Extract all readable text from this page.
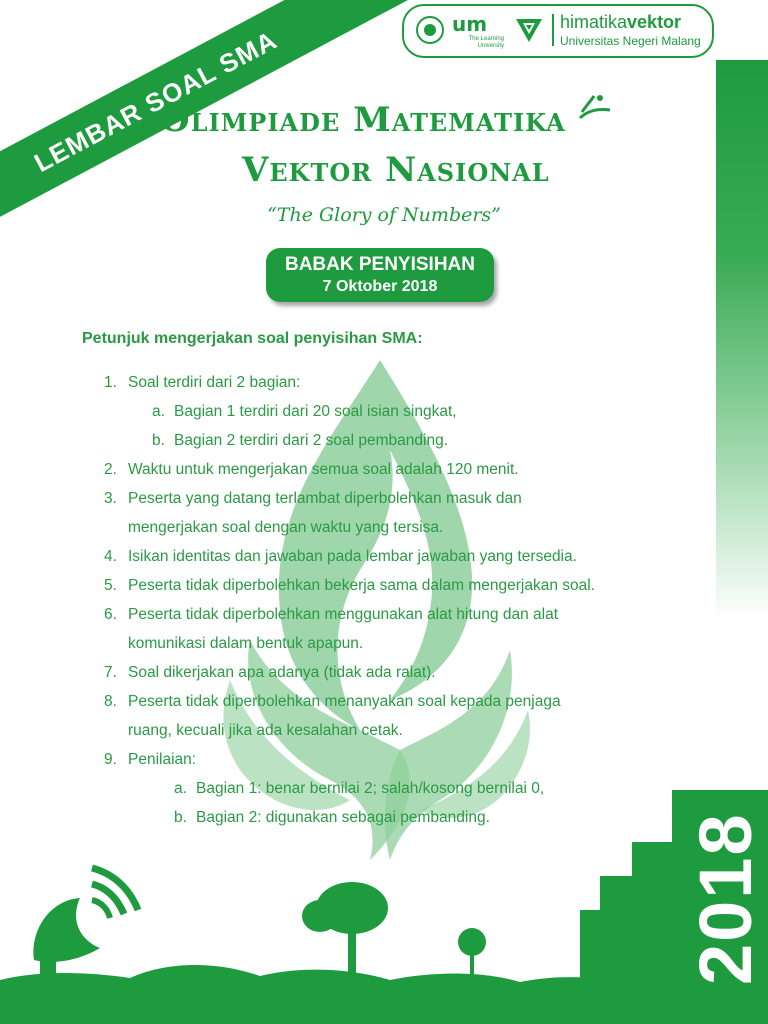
LEMBAR SOAL SMA
um
The Learning
University
himatikavektor
Universitas Negeri Malang
Olimpiade Matematika
Vektor Nasional
“The Glory of Numbers”
BABAK PENYISIHAN
7 Oktober 2018
Petunjuk mengerjakan soal penyisihan SMA:
1. Soal terdiri dari 2 bagian:
a. Bagian 1 terdiri dari 20 soal isian singkat,
b. Bagian 2 terdiri dari 2 soal pembanding.
2. Waktu untuk mengerjakan semua soal adalah 120 menit.
3. Peserta yang datang terlambat diperbolehkan masuk dan
mengerjakan soal dengan waktu yang tersisa.
4. Isikan identitas dan jawaban pada lembar jawaban yang tersedia.
5. Peserta tidak diperbolehkan bekerja sama dalam mengerjakan soal.
6. Peserta tidak diperbolehkan menggunakan alat hitung dan alat
komunikasi dalam bentuk apapun.
7. Soal dikerjakan apa adanya (tidak ada ralat).
8. Peserta tidak diperbolehkan menanyakan soal kepada penjaga
ruang, kecuali jika ada kesalahan cetak.
9. Penilaian:
a. Bagian 1: benar bernilai 2; salah/kosong bernilai 0,
b. Bagian 2: digunakan sebagai pembanding.	2018
